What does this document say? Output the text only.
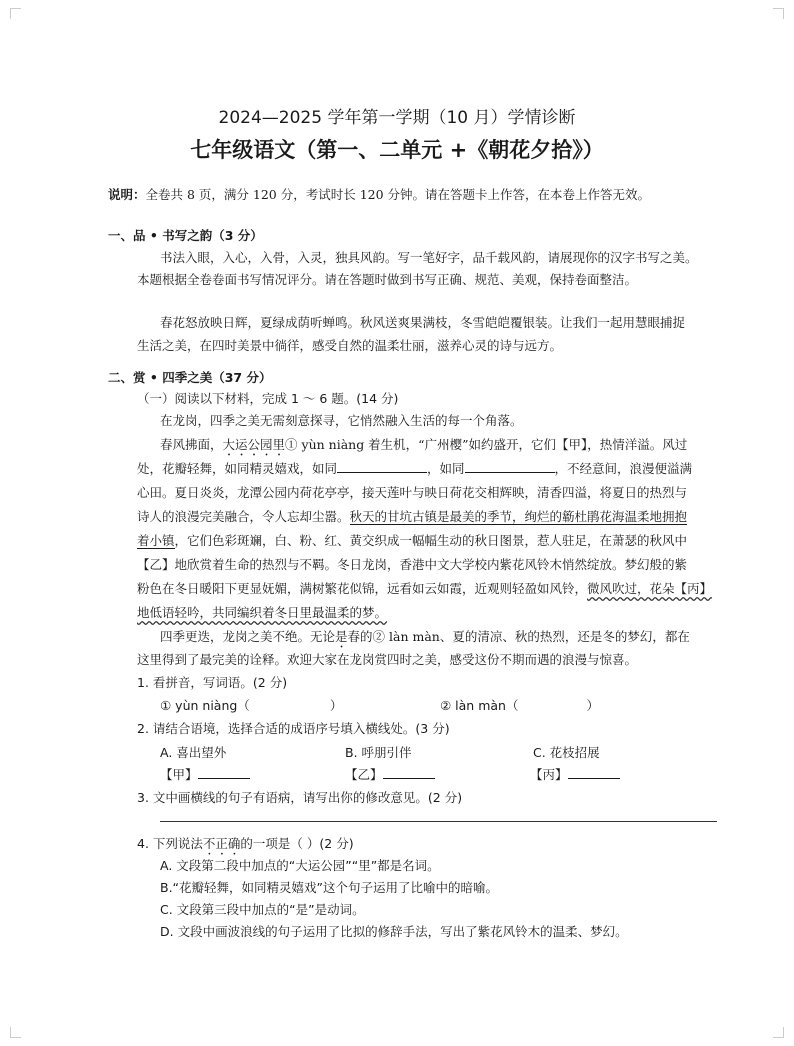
2024—2025 学年第一学期（10 月）学情诊断
七年级语文（第一、二单元 +《朝花夕拾》）
说明：全卷共 8 页，满分 120 分，考试时长 120 分钟。请在答题卡上作答，在本卷上作答无效。
一、品 • 书写之韵（3 分）
书法入眼，入心，入骨，入灵，独具风韵。写一笔好字，品千载风韵，请展现你的汉字书写之美。
本题根据全卷卷面书写情况评分。请在答题时做到书写正确、规范、美观，保持卷面整洁。
春花怒放映日辉，夏绿成荫听蝉鸣。秋风送爽果满枝，冬雪皑皑覆银装。让我们一起用慧眼捕捉
生活之美，在四时美景中徜徉，感受自然的温柔壮丽，滋养心灵的诗与远方。
二、赏 • 四季之美（37 分）
（一）阅读以下材料，完成 1 ～ 6 题。(14 分)
在龙岗，四季之美无需刻意探寻，它悄然融入生活的每一个角落。
春风拂面，大运公园里① yùn niàng 着生机，“广州樱”如约盛开，它们【甲】，热情洋溢。风过
处，花瓣轻舞，如同精灵嬉戏，如同	，如同	，不经意间，浪漫便溢满
心田。夏日炎炎，龙潭公园内荷花亭亭，接天莲叶与映日荷花交相辉映，清香四溢，将夏日的热烈与
诗人的浪漫完美融合，令人忘却尘嚣。秋天的甘坑古镇是最美的季节，绚烂的簕杜鹃花海温柔地拥抱
着小镇，它们色彩斑斓，白、粉、红、黄交织成一幅幅生动的秋日图景，惹人驻足，在萧瑟的秋风中
【乙】地欣赏着生命的热烈与不羁。冬日龙岗，香港中文大学校内紫花风铃木悄然绽放。梦幻般的紫
粉色在冬日暖阳下更显妩媚，满树繁花似锦，远看如云如霞，近观则轻盈如风铃，微风吹过，花朵【丙】
地低语轻吟，共同编织着冬日里最温柔的梦。
四季更迭，龙岗之美不绝。无论是春的② làn màn、夏的清凉、秋的热烈，还是冬的梦幻，都在
这里得到了最完美的诠释。欢迎大家在龙岗赏四时之美，感受这份不期而遇的浪漫与惊喜。
1. 看拼音，写词语。(2 分)
① yùn niàng（	）	② làn màn（	）
2. 请结合语境，选择合适的成语序号填入横线处。(3 分)
A. 喜出望外	B. 呼朋引伴	C. 花枝招展
【甲】	【乙】	【丙】
3. 文中画横线的句子有语病，请写出你的修改意见。(2 分)
4. 下列说法不正确的一项是（ ）(2 分)
A. 文段第二段中加点的“大运公园”“里”都是名词。
B.“花瓣轻舞，如同精灵嬉戏”这个句子运用了比喻中的暗喻。
C. 文段第三段中加点的“是”是动词。
D. 文段中画波浪线的句子运用了比拟的修辞手法，写出了紫花风铃木的温柔、梦幻。
